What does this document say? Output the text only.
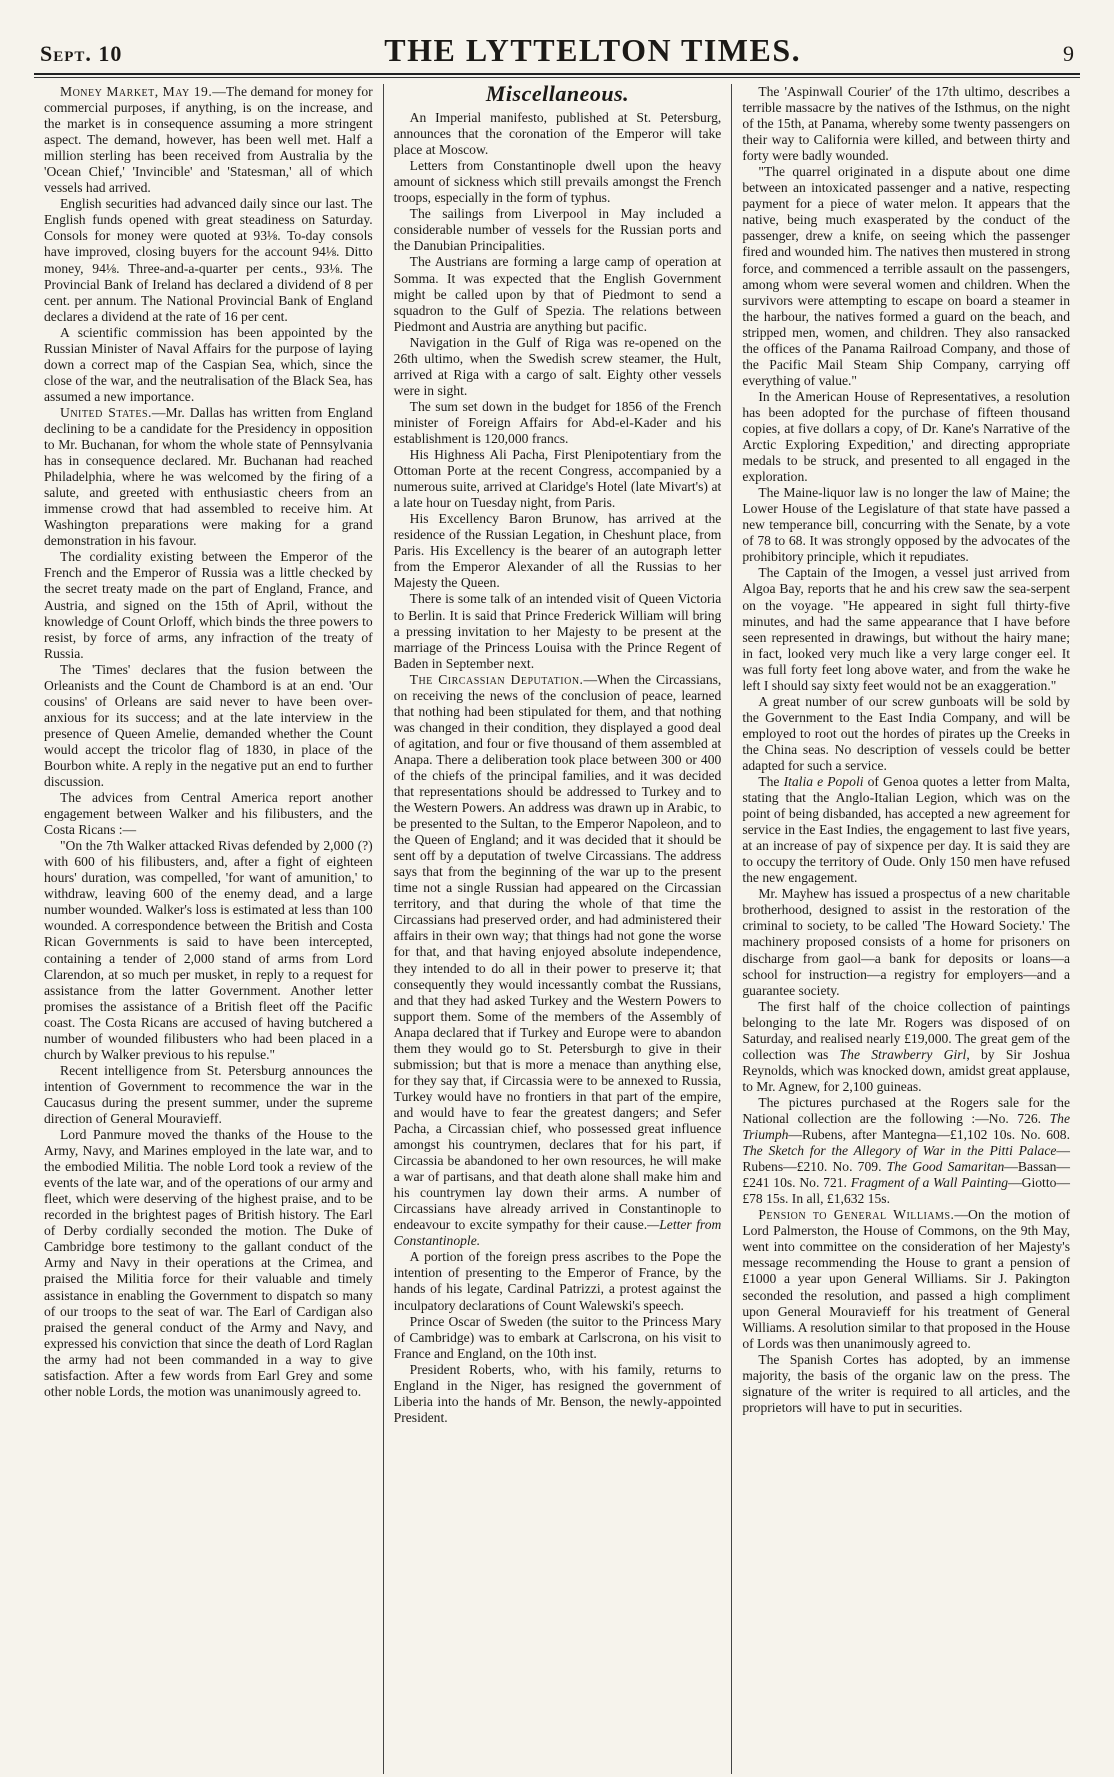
Sept. 10	THE LYTTELTON TIMES.	9

Money Market, May 19.—The demand for money for commercial purposes, if anything, is on the increase, and the market is in consequence assuming a more stringent aspect. The demand, however, has been well met. Half a million sterling has been received from Australia by the 'Ocean Chief,' 'Invincible' and 'Statesman,' all of which vessels had arrived.

English securities had advanced daily since our last. The English funds opened with great steadiness on Saturday. Consols for money were quoted at 93⅛. To-day consols have improved, closing buyers for the account 94⅛. Ditto money, 94⅛. Three-and-a-quarter per cents., 93⅛. The Provincial Bank of Ireland has declared a dividend of 8 per cent. per annum. The National Provincial Bank of England declares a dividend at the rate of 16 per cent.

A scientific commission has been appointed by the Russian Minister of Naval Affairs for the purpose of laying down a correct map of the Caspian Sea, which, since the close of the war, and the neutralisation of the Black Sea, has assumed a new importance.

United States.—Mr. Dallas has written from England declining to be a candidate for the Presidency in opposition to Mr. Buchanan, for whom the whole state of Pennsylvania has in consequence declared. Mr. Buchanan had reached Philadelphia, where he was welcomed by the firing of a salute, and greeted with enthusiastic cheers from an immense crowd that had assembled to receive him. At Washington preparations were making for a grand demonstration in his favour.

The cordiality existing between the Emperor of the French and the Emperor of Russia was a little checked by the secret treaty made on the part of England, France, and Austria, and signed on the 15th of April, without the knowledge of Count Orloff, which binds the three powers to resist, by force of arms, any infraction of the treaty of Russia.

The 'Times' declares that the fusion between the Orleanists and the Count de Chambord is at an end. 'Our cousins' of Orleans are said never to have been over-anxious for its success; and at the late interview in the presence of Queen Amelie, demanded whether the Count would accept the tricolor flag of 1830, in place of the Bourbon white. A reply in the negative put an end to further discussion.

The advices from Central America report another engagement between Walker and his filibusters, and the Costa Ricans :—

"On the 7th Walker attacked Rivas defended by 2,000 (?) with 600 of his filibusters, and, after a fight of eighteen hours' duration, was compelled, 'for want of amunition,' to withdraw, leaving 600 of the enemy dead, and a large number wounded. Walker's loss is estimated at less than 100 wounded. A correspondence between the British and Costa Rican Governments is said to have been intercepted, containing a tender of 2,000 stand of arms from Lord Clarendon, at so much per musket, in reply to a request for assistance from the latter Government. Another letter promises the assistance of a British fleet off the Pacific coast. The Costa Ricans are accused of having butchered a number of wounded filibusters who had been placed in a church by Walker previous to his repulse."

Recent intelligence from St. Petersburg announces the intention of Government to recommence the war in the Caucasus during the present summer, under the supreme direction of General Mouravieff.

Lord Panmure moved the thanks of the House to the Army, Navy, and Marines employed in the late war, and to the embodied Militia. The noble Lord took a review of the events of the late war, and of the operations of our army and fleet, which were deserving of the highest praise, and to be recorded in the brightest pages of British history. The Earl of Derby cordially seconded the motion. The Duke of Cambridge bore testimony to the gallant conduct of the Army and Navy in their operations at the Crimea, and praised the Militia force for their valuable and timely assistance in enabling the Government to dispatch so many of our troops to the seat of war. The Earl of Cardigan also praised the general conduct of the Army and Navy, and expressed his conviction that since the death of Lord Raglan the army had not been commanded in a way to give satisfaction. After a few words from Earl Grey and some other noble Lords, the motion was unanimously agreed to.

Miscellaneous.

An Imperial manifesto, published at St. Petersburg, announces that the coronation of the Emperor will take place at Moscow.

Letters from Constantinople dwell upon the heavy amount of sickness which still prevails amongst the French troops, especially in the form of typhus.

The sailings from Liverpool in May included a considerable number of vessels for the Russian ports and the Danubian Principalities.

The Austrians are forming a large camp of operation at Somma. It was expected that the English Government might be called upon by that of Piedmont to send a squadron to the Gulf of Spezia. The relations between Piedmont and Austria are anything but pacific.

Navigation in the Gulf of Riga was re-opened on the 26th ultimo, when the Swedish screw steamer, the Hult, arrived at Riga with a cargo of salt. Eighty other vessels were in sight.

The sum set down in the budget for 1856 of the French minister of Foreign Affairs for Abd-el-Kader and his establishment is 120,000 francs.

His Highness Ali Pacha, First Plenipotentiary from the Ottoman Porte at the recent Congress, accompanied by a numerous suite, arrived at Claridge's Hotel (late Mivart's) at a late hour on Tuesday night, from Paris.

His Excellency Baron Brunow, has arrived at the residence of the Russian Legation, in Cheshunt place, from Paris. His Excellency is the bearer of an autograph letter from the Emperor Alexander of all the Russias to her Majesty the Queen.

There is some talk of an intended visit of Queen Victoria to Berlin. It is said that Prince Frederick William will bring a pressing invitation to her Majesty to be present at the marriage of the Princess Louisa with the Prince Regent of Baden in September next.

The Circassian Deputation.—When the Circassians, on receiving the news of the conclusion of peace, learned that nothing had been stipulated for them, and that nothing was changed in their condition, they displayed a good deal of agitation, and four or five thousand of them assembled at Anapa. There a deliberation took place between 300 or 400 of the chiefs of the principal families, and it was decided that representations should be addressed to Turkey and to the Western Powers. An address was drawn up in Arabic, to be presented to the Sultan, to the Emperor Napoleon, and to the Queen of England; and it was decided that it should be sent off by a deputation of twelve Circassians. The address says that from the beginning of the war up to the present time not a single Russian had appeared on the Circassian territory, and that during the whole of that time the Circassians had preserved order, and had administered their affairs in their own way; that things had not gone the worse for that, and that having enjoyed absolute independence, they intended to do all in their power to preserve it; that consequently they would incessantly combat the Russians, and that they had asked Turkey and the Western Powers to support them. Some of the members of the Assembly of Anapa declared that if Turkey and Europe were to abandon them they would go to St. Petersburgh to give in their submission; but that is more a menace than anything else, for they say that, if Circassia were to be annexed to Russia, Turkey would have no frontiers in that part of the empire, and would have to fear the greatest dangers; and Sefer Pacha, a Circassian chief, who possessed great influence amongst his countrymen, declares that for his part, if Circassia be abandoned to her own resources, he will make a war of partisans, and that death alone shall make him and his countrymen lay down their arms. A number of Circassians have already arrived in Constantinople to endeavour to excite sympathy for their cause.—Letter from Constantinople.

A portion of the foreign press ascribes to the Pope the intention of presenting to the Emperor of France, by the hands of his legate, Cardinal Patrizzi, a protest against the inculpatory declarations of Count Walewski's speech.

Prince Oscar of Sweden (the suitor to the Princess Mary of Cambridge) was to embark at Carlscrona, on his visit to France and England, on the 10th inst.

President Roberts, who, with his family, returns to England in the Niger, has resigned the government of Liberia into the hands of Mr. Benson, the newly-appointed President.

The 'Aspinwall Courier' of the 17th ultimo, describes a terrible massacre by the natives of the Isthmus, on the night of the 15th, at Panama, whereby some twenty passengers on their way to California were killed, and between thirty and forty were badly wounded.

"The quarrel originated in a dispute about one dime between an intoxicated passenger and a native, respecting payment for a piece of water melon. It appears that the native, being much exasperated by the conduct of the passenger, drew a knife, on seeing which the passenger fired and wounded him. The natives then mustered in strong force, and commenced a terrible assault on the passengers, among whom were several women and children. When the survivors were attempting to escape on board a steamer in the harbour, the natives formed a guard on the beach, and stripped men, women, and children. They also ransacked the offices of the Panama Railroad Company, and those of the Pacific Mail Steam Ship Company, carrying off everything of value."

In the American House of Representatives, a resolution has been adopted for the purchase of fifteen thousand copies, at five dollars a copy, of Dr. Kane's Narrative of the Arctic Exploring Expedition,' and directing appropriate medals to be struck, and presented to all engaged in the exploration.

The Maine-liquor law is no longer the law of Maine; the Lower House of the Legislature of that state have passed a new temperance bill, concurring with the Senate, by a vote of 78 to 68. It was strongly opposed by the advocates of the prohibitory principle, which it repudiates.

The Captain of the Imogen, a vessel just arrived from Algoa Bay, reports that he and his crew saw the sea-serpent on the voyage. "He appeared in sight full thirty-five minutes, and had the same appearance that I have before seen represented in drawings, but without the hairy mane; in fact, looked very much like a very large conger eel. It was full forty feet long above water, and from the wake he left I should say sixty feet would not be an exaggeration."

A great number of our screw gunboats will be sold by the Government to the East India Company, and will be employed to root out the hordes of pirates up the Creeks in the China seas. No description of vessels could be better adapted for such a service.

The Italia e Popoli of Genoa quotes a letter from Malta, stating that the Anglo-Italian Legion, which was on the point of being disbanded, has accepted a new agreement for service in the East Indies, the engagement to last five years, at an increase of pay of sixpence per day. It is said they are to occupy the territory of Oude. Only 150 men have refused the new engagement.

Mr. Mayhew has issued a prospectus of a new charitable brotherhood, designed to assist in the restoration of the criminal to society, to be called 'The Howard Society.' The machinery proposed consists of a home for prisoners on discharge from gaol—a bank for deposits or loans—a school for instruction—a registry for employers—and a guarantee society.

The first half of the choice collection of paintings belonging to the late Mr. Rogers was disposed of on Saturday, and realised nearly £19,000. The great gem of the collection was The Strawberry Girl, by Sir Joshua Reynolds, which was knocked down, amidst great applause, to Mr. Agnew, for 2,100 guineas.

The pictures purchased at the Rogers sale for the National collection are the following :—No. 726. The Triumph—Rubens, after Mantegna—£1,102 10s. No. 608. The Sketch for the Allegory of War in the Pitti Palace—Rubens—£210. No. 709. The Good Samaritan—Bassan—£241 10s. No. 721. Fragment of a Wall Painting—Giotto—£78 15s. In all, £1,632 15s.

Pension to General Williams.—On the motion of Lord Palmerston, the House of Commons, on the 9th May, went into committee on the consideration of her Majesty's message recommending the House to grant a pension of £1000 a year upon General Williams. Sir J. Pakington seconded the resolution, and passed a high compliment upon General Mouravieff for his treatment of General Williams. A resolution similar to that proposed in the House of Lords was then unanimously agreed to.

The Spanish Cortes has adopted, by an immense majority, the basis of the organic law on the press. The signature of the writer is required to all articles, and the proprietors will have to put in securities.
